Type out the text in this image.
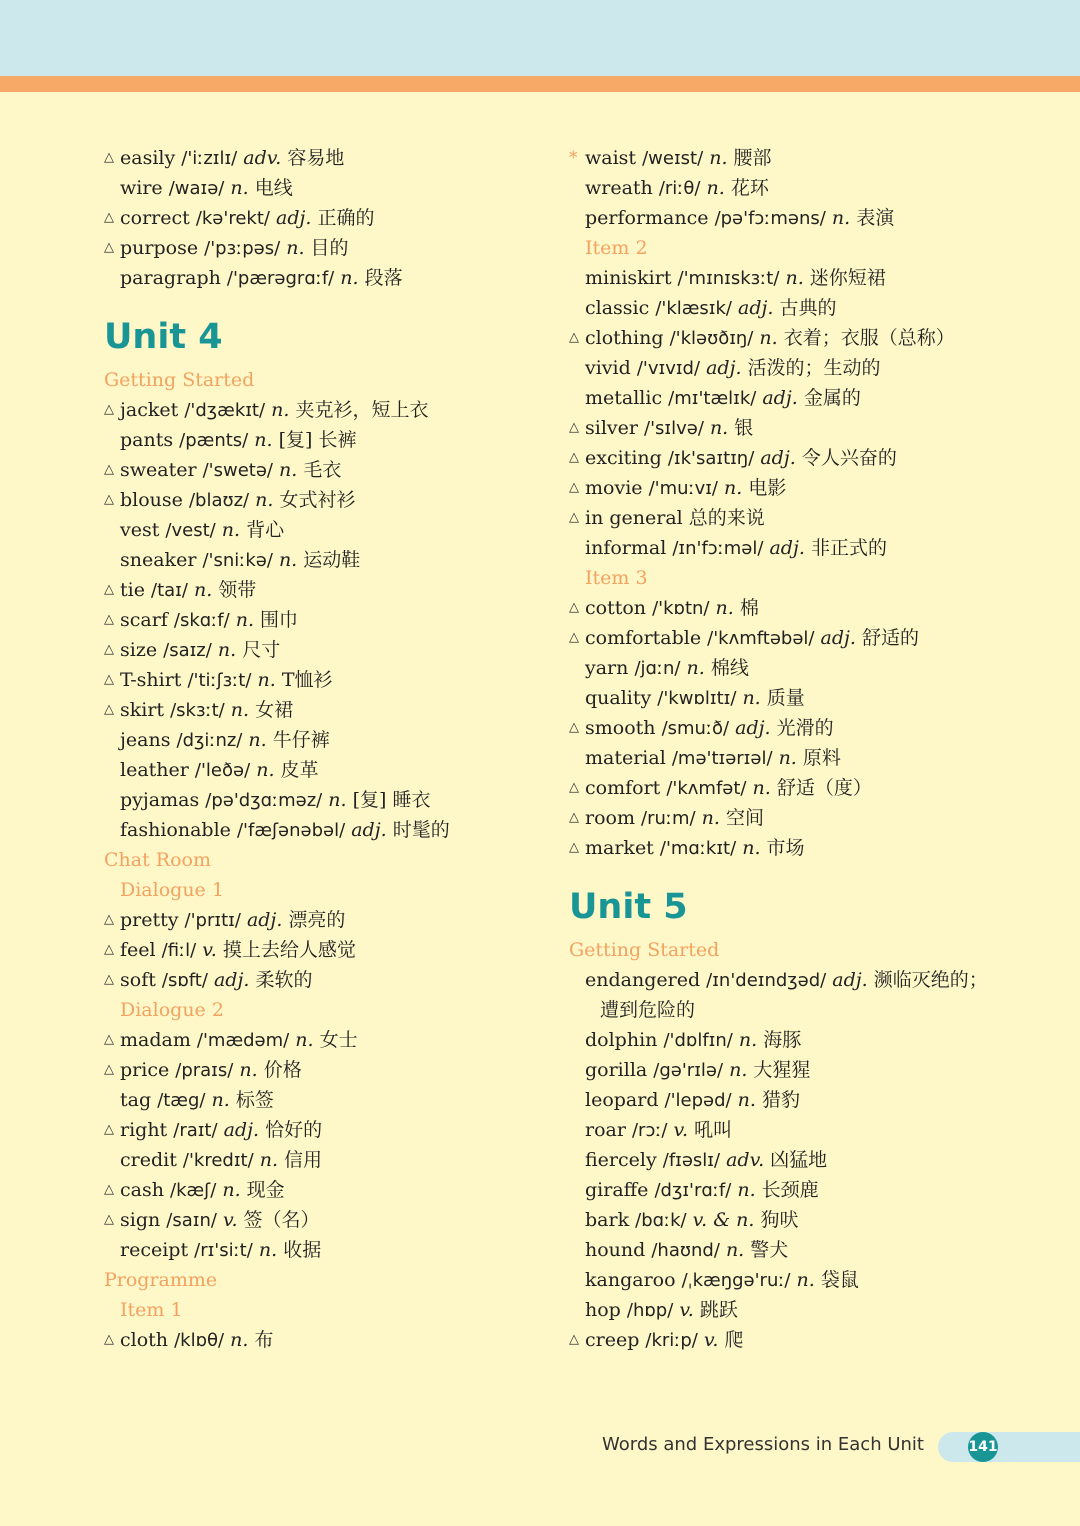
△ easily /'iːzɪlɪ/ adv. 容易地
wire /waɪə/ n. 电线
△ correct /kə'rekt/ adj. 正确的
△ purpose /'pɜːpəs/ n. 目的
paragraph /'pærəgrɑːf/ n. 段落
Unit 4
Getting Started
△ jacket /'dʒækɪt/ n. 夹克衫，短上衣
pants /pænts/ n. [复] 长裤
△ sweater /'swetə/ n. 毛衣
△ blouse /blaʊz/ n. 女式衬衫
vest /vest/ n. 背心
sneaker /'sniːkə/ n. 运动鞋
△ tie /taɪ/ n. 领带
△ scarf /skɑːf/ n. 围巾
△ size /saɪz/ n. 尺寸
△ T-shirt /'tiːʃɜːt/ n. T恤衫
△ skirt /skɜːt/ n. 女裙
jeans /dʒiːnz/ n. 牛仔裤
leather /'leðə/ n. 皮革
pyjamas /pə'dʒɑːməz/ n. [复] 睡衣
fashionable /'fæʃənəbəl/ adj. 时髦的
Chat Room
Dialogue 1
△ pretty /'prɪtɪ/ adj. 漂亮的
△ feel /fiːl/ v. 摸上去给人感觉
△ soft /sɒft/ adj. 柔软的
Dialogue 2
△ madam /'mædəm/ n. 女士
△ price /praɪs/ n. 价格
tag /tæg/ n. 标签
△ right /raɪt/ adj. 恰好的
credit /'kredɪt/ n. 信用
△ cash /kæʃ/ n. 现金
△ sign /saɪn/ v. 签（名）
receipt /rɪ'siːt/ n. 收据
Programme
Item 1
△ cloth /klɒθ/ n. 布
waist /weɪst/ n. 腰部
wreath /riːθ/ n. 花环
performance /pə'fɔːməns/ n. 表演
Item 2
miniskirt /'mɪnɪskɜːt/ n. 迷你短裙
classic /'klæsɪk/ adj. 古典的
△ clothing /'kləʊðɪŋ/ n. 衣着；衣服（总称）
vivid /'vɪvɪd/ adj. 活泼的；生动的
metallic /mɪ'tælɪk/ adj. 金属的
△ silver /'sɪlvə/ n. 银
△ exciting /ɪk'saɪtɪŋ/ adj. 令人兴奋的
△ movie /'muːvɪ/ n. 电影
△ in general 总的来说
informal /ɪn'fɔːməl/ adj. 非正式的
*
Item 3
△ cotton /'kɒtn/ n. 棉
△ comfortable /'kʌmftəbəl/ adj. 舒适的
yarn /jɑːn/ n. 棉线
quality /'kwɒlɪtɪ/ n. 质量
△ smooth /smuːð/ adj. 光滑的
material /mə'tɪərɪəl/ n. 原料
△ comfort /'kʌmfət/ n. 舒适（度）
△ room /ruːm/ n. 空间
△ market /'mɑːkɪt/ n. 市场
Unit 5
Getting Started
endangered /ɪn'deɪndʒəd/ adj. 濒临灭绝的；
遭到危险的
dolphin /'dɒlfɪn/ n. 海豚
gorilla /gə'rɪlə/ n. 大猩猩
leopard /'lepəd/ n. 猎豹
roar /rɔː/ v. 吼叫
fiercely /fɪəslɪ/ adv. 凶猛地
giraffe /dʒɪ'rɑːf/ n. 长颈鹿
bark /bɑːk/ v. & n. 狗吠
hound /haʊnd/ n. 警犬
kangaroo /ˌkæŋgə'ruː/ n. 袋鼠
hop /hɒp/ v. 跳跃
△ creep /kriːp/ v. 爬
Words and Expressions in Each Unit	141
